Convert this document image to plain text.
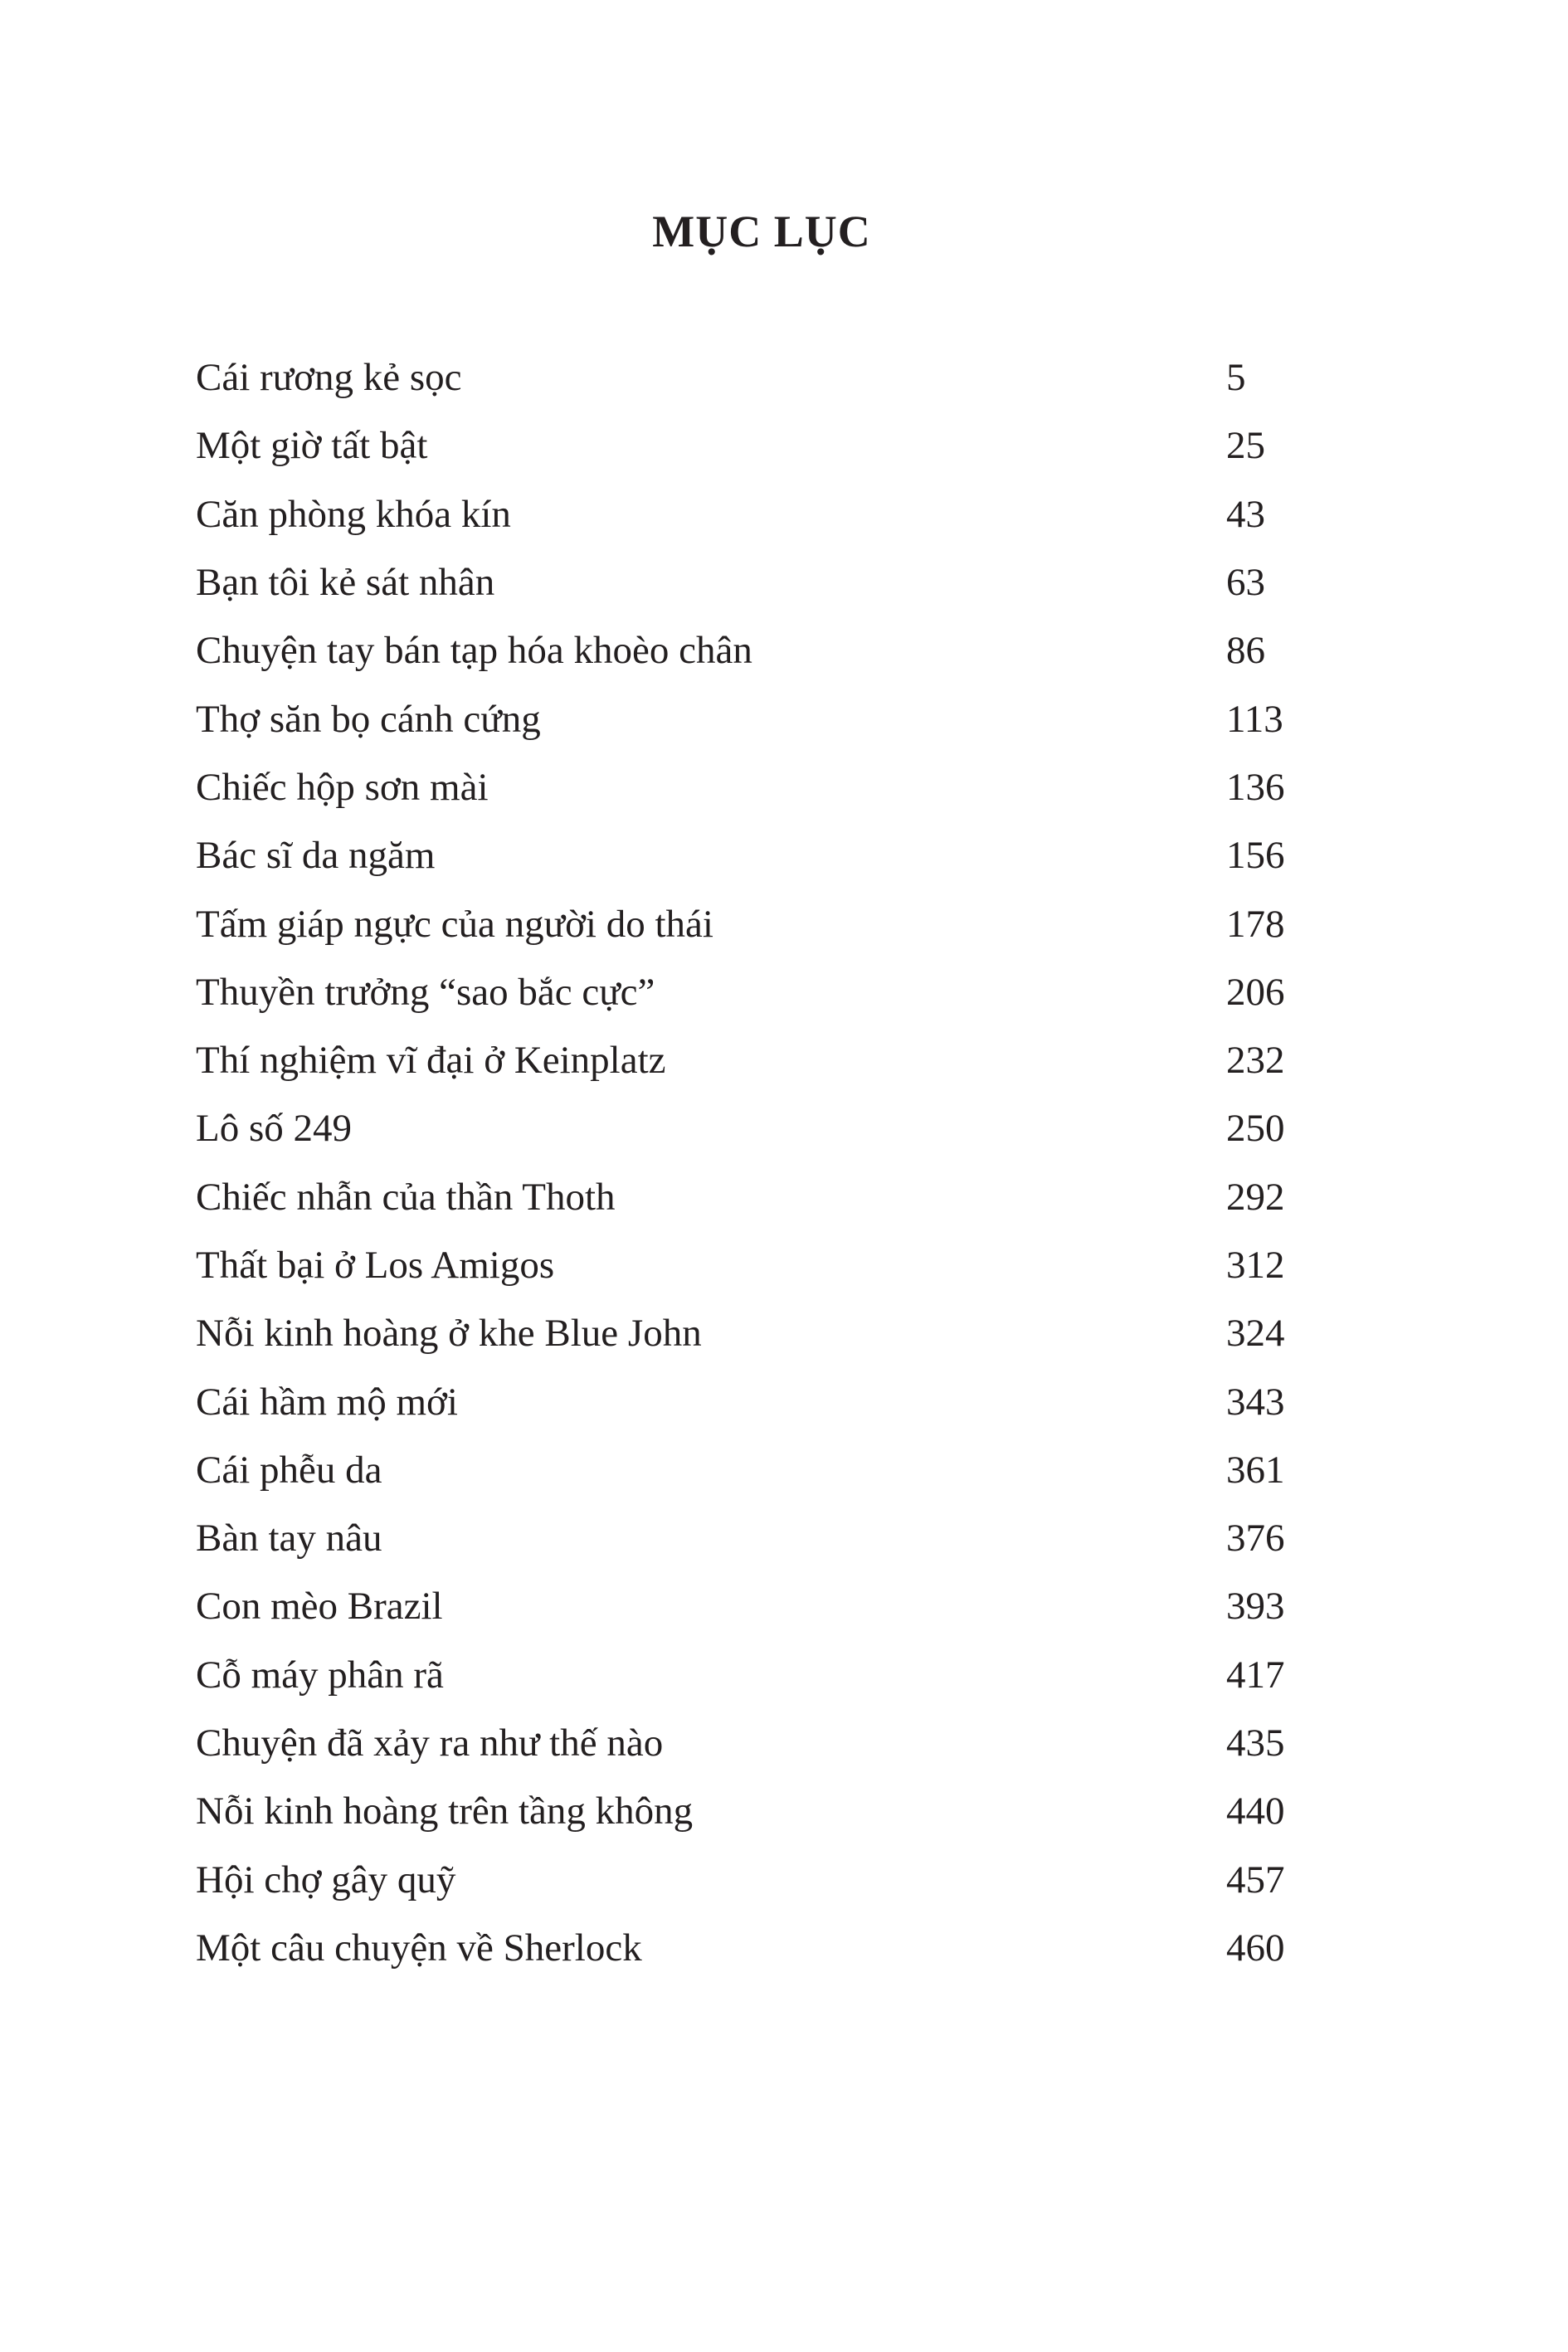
MỤC LỤC
Cái rương kẻ sọc	5
Một giờ tất bật	25
Căn phòng khóa kín	43
Bạn tôi kẻ sát nhân	63
Chuyện tay bán tạp hóa khoèo chân	86
Thợ săn bọ cánh cứng	113
Chiếc hộp sơn mài	136
Bác sĩ da ngăm	156
Tấm giáp ngực của người do thái	178
Thuyền trưởng “sao bắc cực”	206
Thí nghiệm vĩ đại ở Keinplatz	232
Lô số 249	250
Chiếc nhẫn của thần Thoth	292
Thất bại ở Los Amigos	312
Nỗi kinh hoàng ở khe Blue John	324
Cái hầm mộ mới	343
Cái phễu da	361
Bàn tay nâu	376
Con mèo Brazil	393
Cỗ máy phân rã	417
Chuyện đã xảy ra như thế nào	435
Nỗi kinh hoàng trên tầng không	440
Hội chợ gây quỹ	457
Một câu chuyện về Sherlock	460
